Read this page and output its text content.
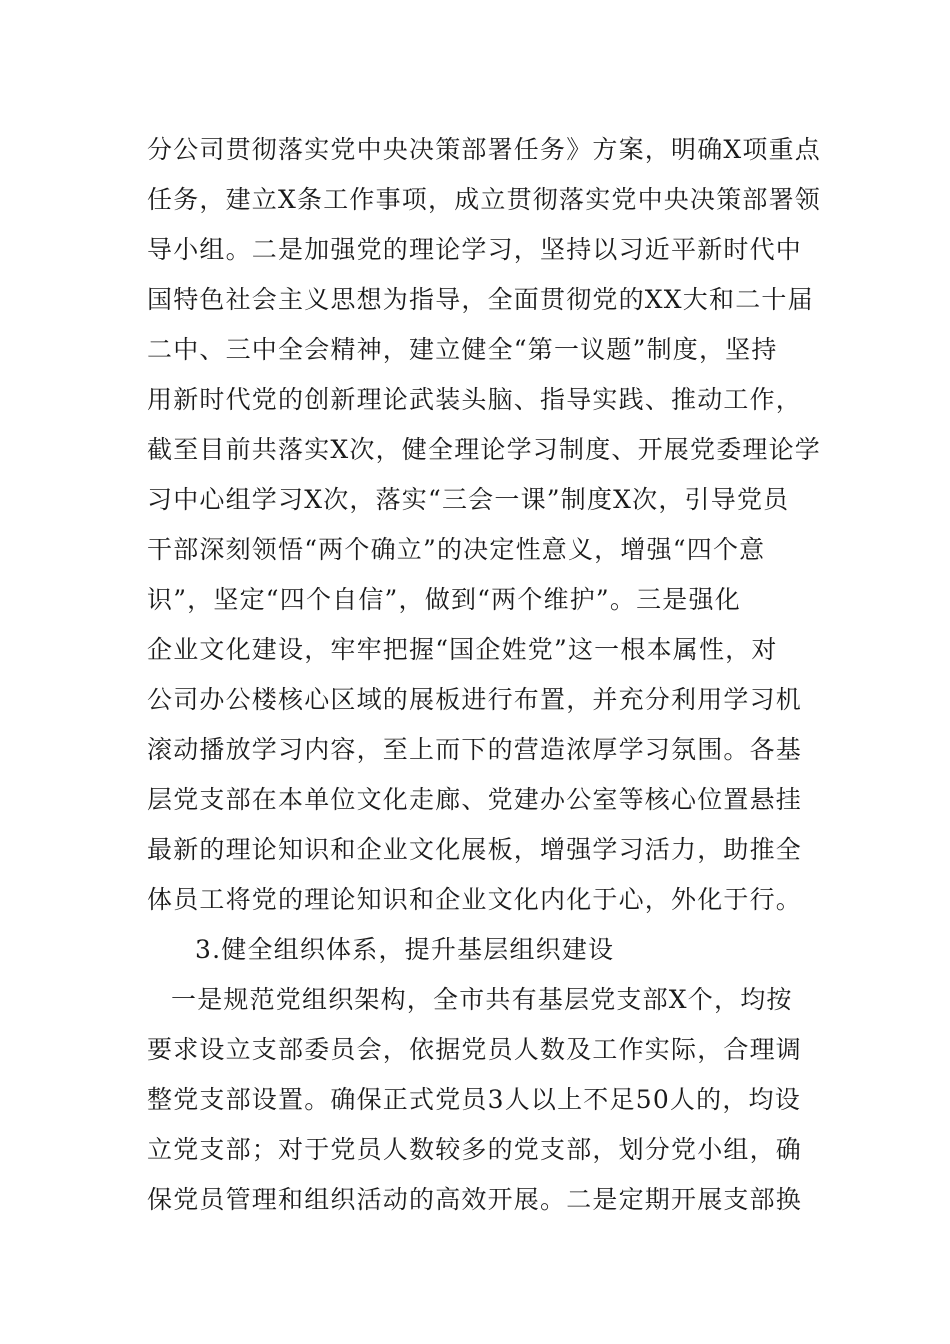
分公司贯彻落实党中央决策部署任务》方案，明确X项重点
任务，建立X条工作事项，成立贯彻落实党中央决策部署领
导小组。二是加强党的理论学习，坚持以习近平新时代中
国特色社会主义思想为指导，全面贯彻党的XX大和二十届
二中、三中全会精神，建立健全“第一议题”制度，坚持
用新时代党的创新理论武装头脑、指导实践、推动工作，
截至目前共落实X次，健全理论学习制度、开展党委理论学
习中心组学习X次，落实“三会一课”制度X次，引导党员
干部深刻领悟“两个确立”的决定性意义，增强“四个意
识”，坚定“四个自信”，做到“两个维护”。三是强化
企业文化建设，牢牢把握“国企姓党”这一根本属性，对
公司办公楼核心区域的展板进行布置，并充分利用学习机
滚动播放学习内容，至上而下的营造浓厚学习氛围。各基
层党支部在本单位文化走廊、党建办公室等核心位置悬挂
最新的理论知识和企业文化展板，增强学习活力，助推全
体员工将党的理论知识和企业文化内化于心，外化于行。
3.健全组织体系，提升基层组织建设
一是规范党组织架构，全市共有基层党支部X个，均按
要求设立支部委员会，依据党员人数及工作实际，合理调
整党支部设置。确保正式党员3人以上不足50人的，均设
立党支部；对于党员人数较多的党支部，划分党小组，确
保党员管理和组织活动的高效开展。二是定期开展支部换
